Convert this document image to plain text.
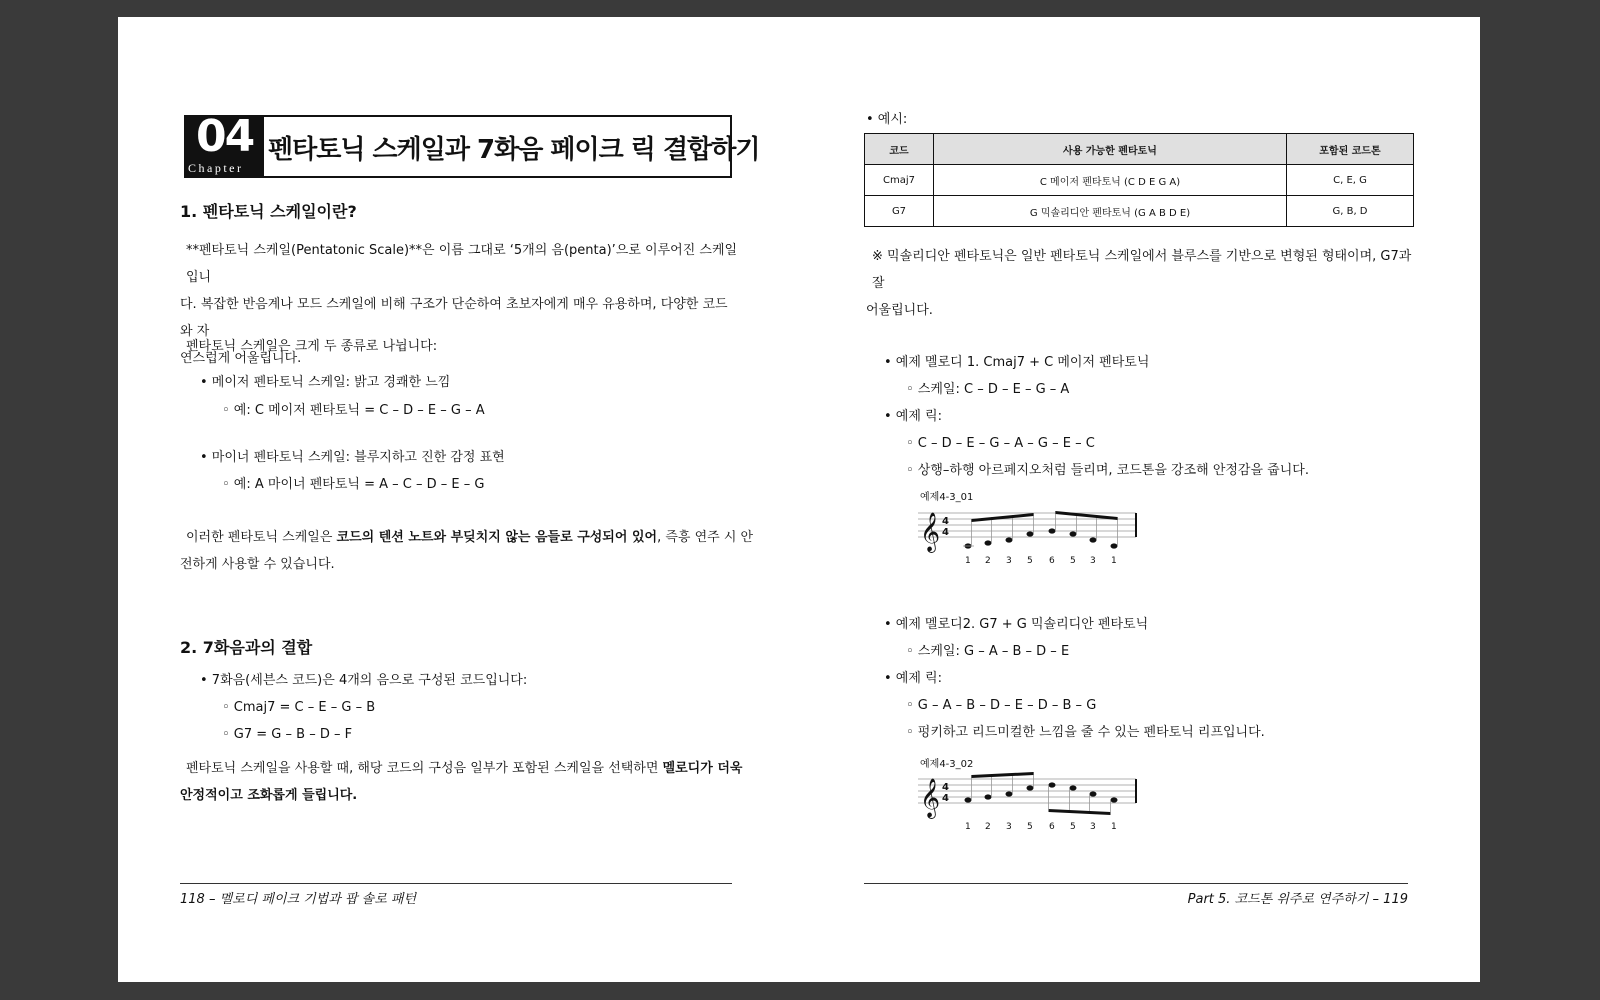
04
Chapter
펜타토닉 스케일과 7화음 페이크 릭 결합하기
1. 펜타토닉 스케일이란?
**펜타토닉 스케일(Pentatonic Scale)**은 이름 그대로 ‘5개의 음(penta)’으로 이루어진 스케일입니
다. 복잡한 반음계나 모드 스케일에 비해 구조가 단순하여 초보자에게 매우 유용하며, 다양한 코드와 자
연스럽게 어울립니다.
펜타토닉 스케일은 크게 두 종류로 나뉩니다:
• 메이저 펜타토닉 스케일: 밝고 경쾌한 느낌
◦ 예: C 메이저 펜타토닉 = C – D – E – G – A
• 마이너 펜타토닉 스케일: 블루지하고 진한 감정 표현
◦ 예: A 마이너 펜타토닉 = A – C – D – E – G
이러한 펜타토닉 스케일은 코드의 텐션 노트와 부딪치지 않는 음들로 구성되어 있어, 즉흥 연주 시 안
전하게 사용할 수 있습니다.
2. 7화음과의 결합
• 7화음(세븐스 코드)은 4개의 음으로 구성된 코드입니다:
◦ Cmaj7 = C – E – G – B
◦ G7 = G – B – D – F
펜타토닉 스케일을 사용할 때, 해당 코드의 구성음 일부가 포함된 스케일을 선택하면 멜로디가 더욱
안정적이고 조화롭게 들립니다.
118 – 멜로디 페이크 기법과 팝 솔로 패턴
• 예시:
코드	사용 가능한 펜타토닉	포함된 코드톤
Cmaj7	C 메이저 펜타토닉 (C D E G A)	C, E, G
G7	G 믹솔리디안 펜타토닉 (G A B D E)	G, B, D
※ 믹솔리디안 펜타토닉은 일반 펜타토닉 스케일에서 블루스를 기반으로 변형된 형태이며, G7과 잘
어울립니다.
• 예제 멜로디 1. Cmaj7 + C 메이저 펜타토닉
◦ 스케일: C – D – E – G – A
• 예제 릭:
◦ C – D – E – G – A – G – E – C
◦ 상행–하행 아르페지오처럼 들리며, 코드톤을 강조해 안정감을 줍니다.
예제4-3_01
𝄞 4
4
1 2 3 5 6 5 3 1
• 예제 멜로디2. G7 + G 믹솔리디안 펜타토닉
◦ 스케일: G – A – B – D – E
• 예제 릭:
◦ G – A – B – D – E – D – B – G
◦ 펑키하고 리드미컬한 느낌을 줄 수 있는 펜타토닉 리프입니다.
예제4-3_02
𝄞 4
4
1 2 3 5 6 5 3 1
Part 5. 코드톤 위주로 연주하기 – 119
